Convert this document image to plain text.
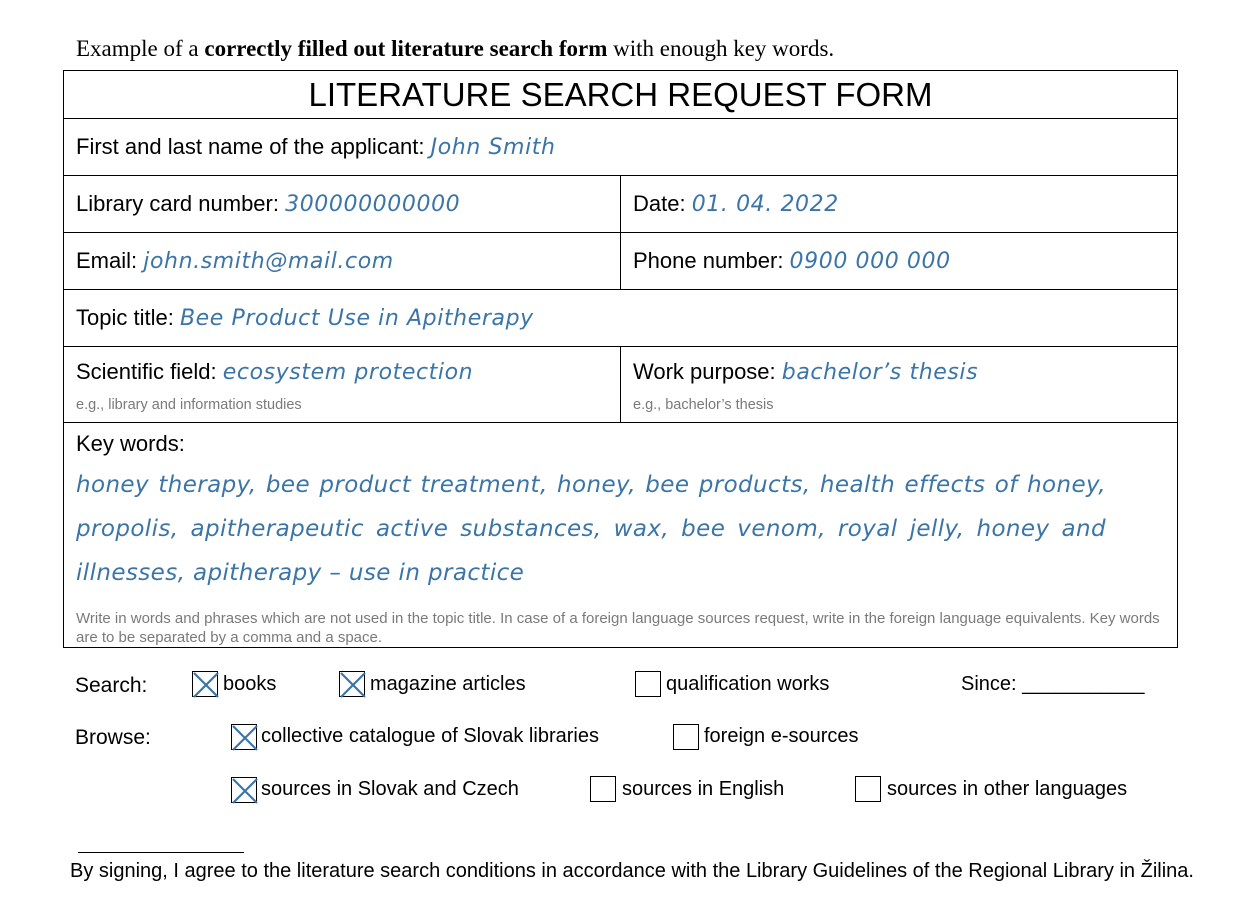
Example of a correctly filled out literature search form with enough key words.
LITERATURE SEARCH REQUEST FORM
First and last name of the applicant: John Smith
Library card number: 300000000000	Date: 01. 04. 2022
Email: john.smith@mail.com	Phone number: 0900 000 000
Topic title: Bee Product Use in Apitherapy
Scientific field: ecosystem protection
e.g., library and information studies
Work purpose: bachelor’s thesis
e.g., bachelor’s thesis
Key words:
honey therapy, bee product treatment, honey, bee products, health effects of honey, propolis, apitherapeutic active substances, wax, bee venom, royal jelly, honey and illnesses, apitherapy – use in practice
Write in words and phrases which are not used in the topic title. In case of a foreign language sources request, write in the foreign language equivalents. Key words are to be separated by a comma and a space.
Search:	books	magazine articles	qualification works	Since: ___________
Browse:	collective catalogue of Slovak libraries	foreign e-sources
sources in Slovak and Czech	sources in English	sources in other languages
By signing, I agree to the literature search conditions in accordance with the Library Guidelines of the Regional Library in Žilina.
